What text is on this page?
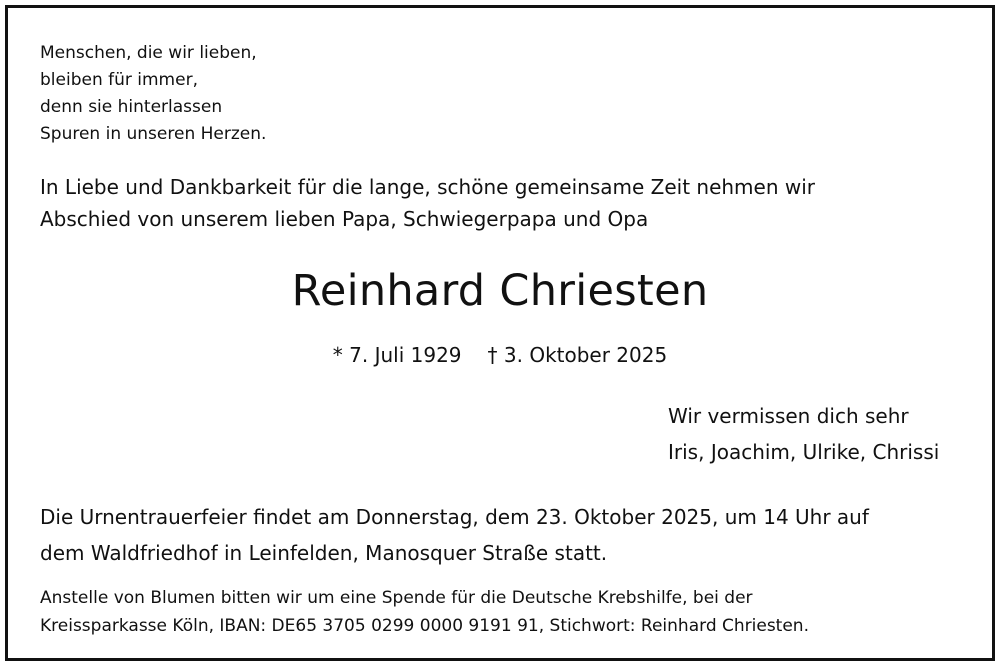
Menschen, die wir lieben,
bleiben für immer,
denn sie hinterlassen
Spuren in unseren Herzen.
In Liebe und Dankbarkeit für die lange, schöne gemeinsame Zeit nehmen wir
Abschied von unserem lieben Papa, Schwiegerpapa und Opa
Reinhard Chriesten
* 7. Juli 1929 † 3. Oktober 2025
Wir vermissen dich sehr
Iris, Joachim, Ulrike, Chrissi
Die Urnentrauerfeier findet am Donnerstag, dem 23. Oktober 2025, um 14 Uhr auf
dem Waldfriedhof in Leinfelden, Manosquer Straße statt.
Anstelle von Blumen bitten wir um eine Spende für die Deutsche Krebshilfe, bei der
Kreissparkasse Köln, IBAN: DE65 3705 0299 0000 9191 91, Stichwort: Reinhard Chriesten.
